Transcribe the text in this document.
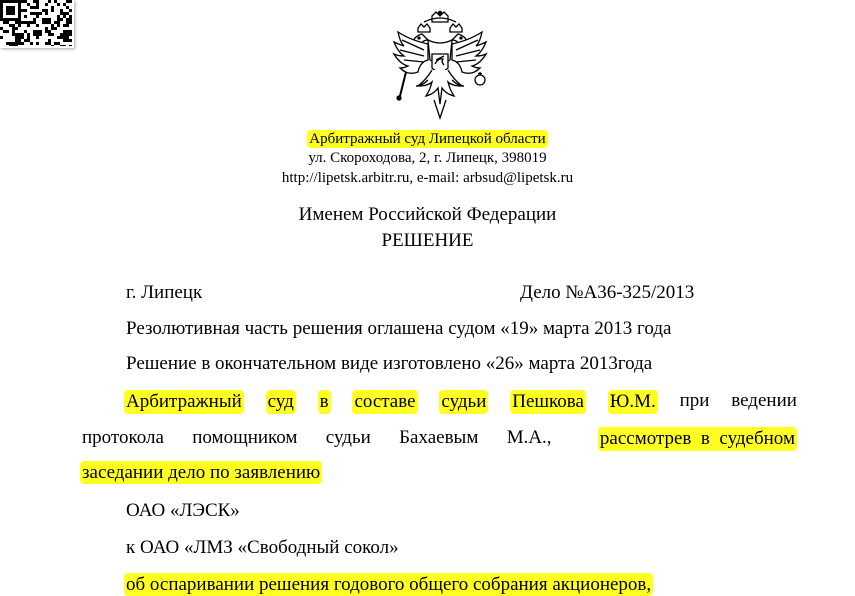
Арбитражный суд Липецкой области
ул. Скороходова, 2, г. Липецк, 398019
http://lipetsk.arbitr.ru, e-mail: arbsud@lipetsk.ru
Именем Российской Федерации
РЕШЕНИЕ
г. Липецк	Дело №А36-325/2013
Резолютивная часть решения оглашена судом «19» марта 2013 года
Решение в окончательном виде изготовлено «26» марта 2013года
Арбитражный суд в составе судьи Пешкова Ю.М. при ведении
протокола помощником судьи Бахаевым М.А.,	рассмотрев в судебном
заседании дело по заявлению
ОАО «ЛЭСК»
к ОАО «ЛМЗ «Свободный сокол»
об оспаривании решения годового общего собрания акционеров,
